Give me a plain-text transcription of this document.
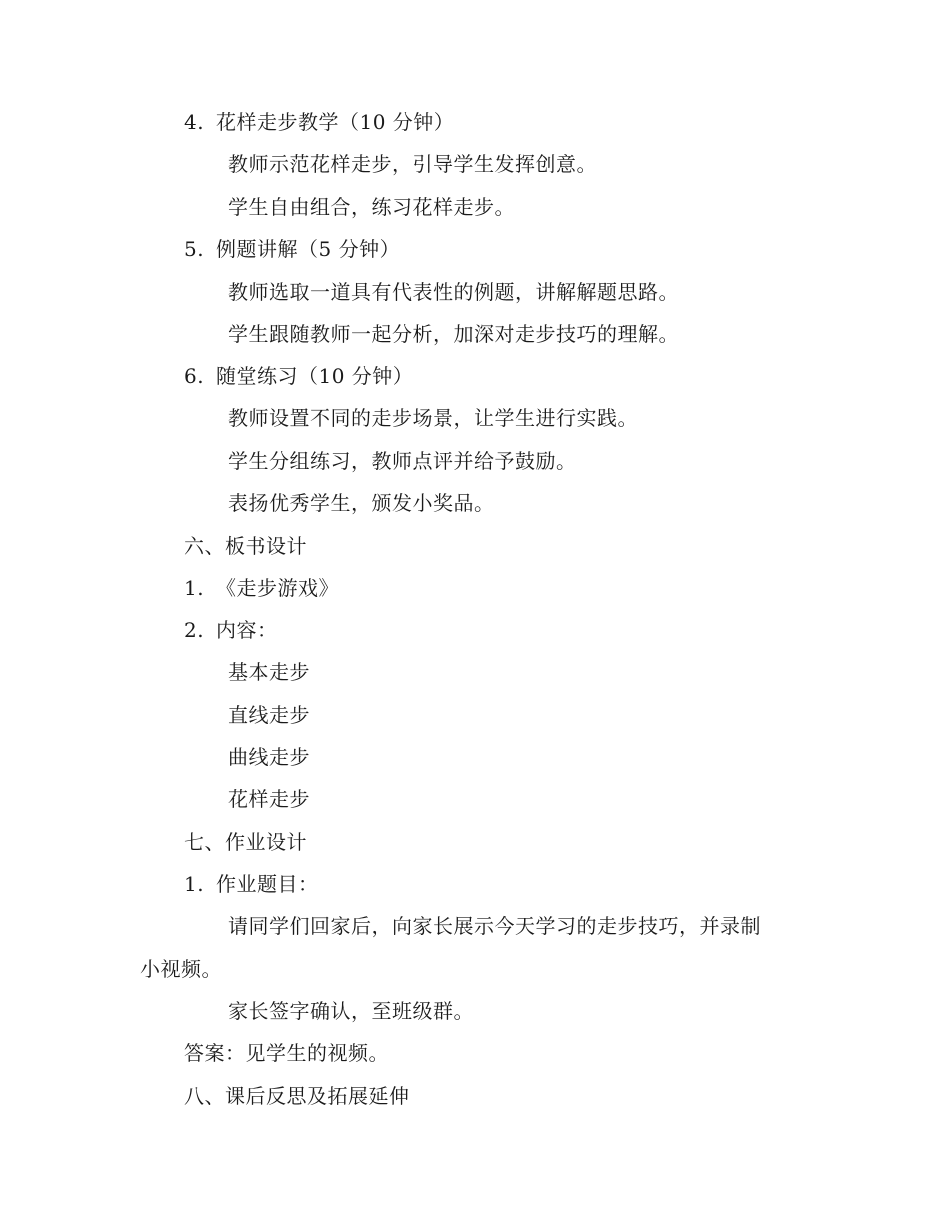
4. 花样走步教学（10 分钟）
教师示范花样走步，引导学生发挥创意。
学生自由组合，练习花样走步。
5. 例题讲解（5 分钟）
教师选取一道具有代表性的例题，讲解解题思路。
学生跟随教师一起分析，加深对走步技巧的理解。
6. 随堂练习（10 分钟）
教师设置不同的走步场景，让学生进行实践。
学生分组练习，教师点评并给予鼓励。
表扬优秀学生，颁发小奖品。
六、板书设计
1. 《走步游戏》
2. 内容：
基本走步
直线走步
曲线走步
花样走步
七、作业设计
1. 作业题目：
请同学们回家后，向家长展示今天学习的走步技巧，并录制
小视频。
家长签字确认，至班级群。
答案：见学生的视频。
八、课后反思及拓展延伸
